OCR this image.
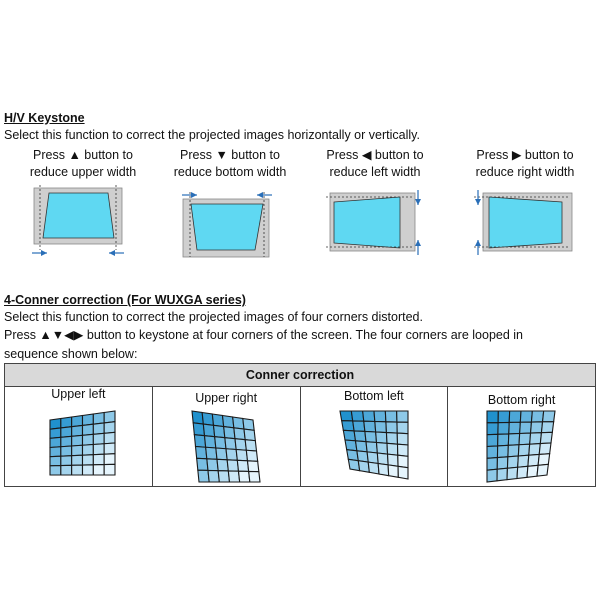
H/V Keystone
Select this function to correct the projected images horizontally or vertically.
Press ▲ button to
reduce upper width
Press ▼ button to
reduce bottom width
Press ◀ button to
reduce left width
Press ▶ button to
reduce right width
4-Conner correction (For WUXGA series)
Select this function to correct the projected images of four corners distorted.
Press ▲▼◀▶ button to keystone at four corners of the screen. The four corners are looped in
sequence shown below:
Conner correction

Upper left	Upper right	Bottom left	Bottom right
